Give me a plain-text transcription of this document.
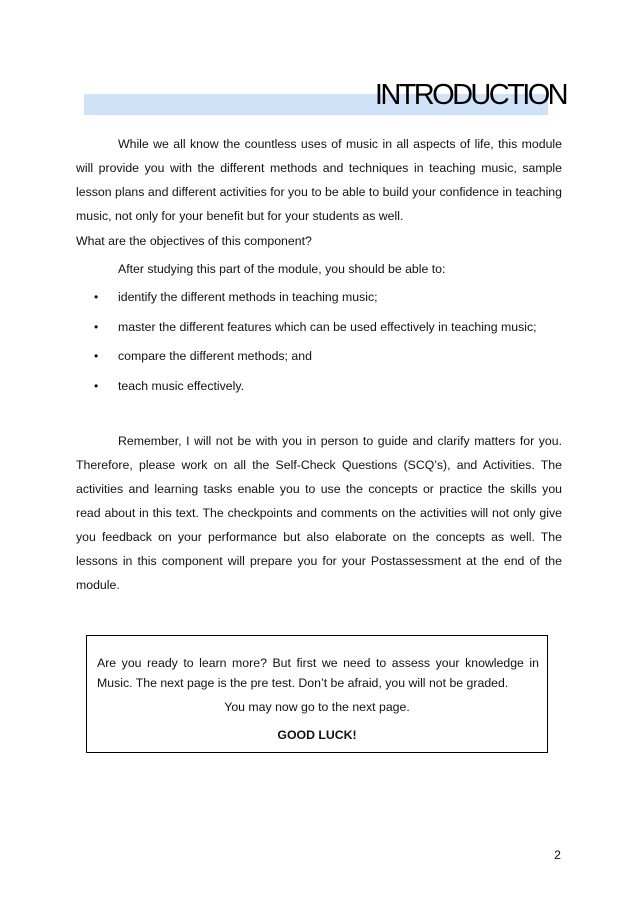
INTRODUCTION
While we all know the countless uses of music in all aspects of life, this module will provide you with the different methods and techniques in teaching music, sample lesson plans and different activities for you to be able to build your confidence in teaching music, not only for your benefit but for your students as well.
What are the objectives of this component?
After studying this part of the module, you should be able to:
• identify the different methods in teaching music;
• master the different features which can be used effectively in teaching music;
• compare the different methods; and
• teach music effectively.
Remember, I will not be with you in person to guide and clarify matters for you. Therefore, please work on all the Self-Check Questions (SCQ’s), and Activities. The activities and learning tasks enable you to use the concepts or practice the skills you read about in this text. The checkpoints and comments on the activities will not only give you feedback on your performance but also elaborate on the concepts as well. The lessons in this component will prepare you for your Postassessment at the end of the module.
Are you ready to learn more? But first we need to assess your knowledge in Music. The next page is the pre test. Don’t be afraid, you will not be graded.
You may now go to the next page.
GOOD LUCK!
2
